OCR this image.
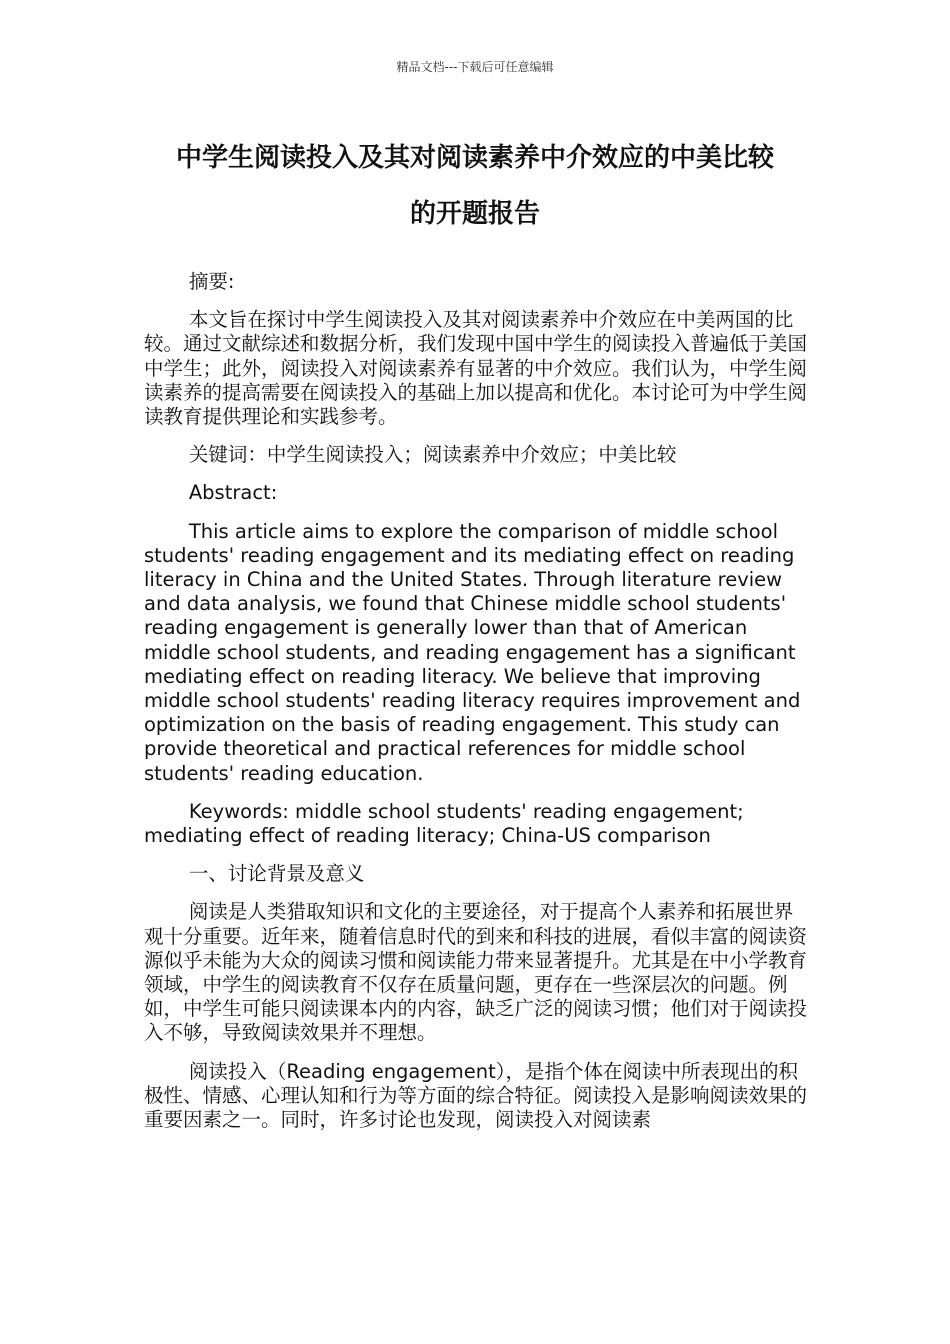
精品文档---下载后可任意编辑
中学生阅读投入及其对阅读素养中介效应的中美比较
的开题报告

摘要:

本文旨在探讨中学生阅读投入及其对阅读素养中介效应在中美两国的比较。通过文献综述和数据分析，我们发现中国中学生的阅读投入普遍低于美国中学生；此外，阅读投入对阅读素养有显著的中介效应。我们认为，中学生阅读素养的提高需要在阅读投入的基础上加以提高和优化。本讨论可为中学生阅读教育提供理论和实践参考。

关键词：中学生阅读投入；阅读素养中介效应；中美比较

Abstract:

This article aims to explore the comparison of middle school students' reading engagement and its mediating effect on reading literacy in China and the United States. Through literature review and data analysis, we found that Chinese middle school students' reading engagement is generally lower than that of American middle school students, and reading engagement has a significant mediating effect on reading literacy. We believe that improving middle school students' reading literacy requires improvement and optimization on the basis of reading engagement. This study can provide theoretical and practical references for middle school students' reading education.

Keywords: middle school students' reading engagement; mediating effect of reading literacy; China-US comparison

一、讨论背景及意义

阅读是人类猎取知识和文化的主要途径，对于提高个人素养和拓展世界观十分重要。近年来，随着信息时代的到来和科技的进展，看似丰富的阅读资源似乎未能为大众的阅读习惯和阅读能力带来显著提升。尤其是在中小学教育领域，中学生的阅读教育不仅存在质量问题，更存在一些深层次的问题。例如，中学生可能只阅读课本内的内容，缺乏广泛的阅读习惯；他们对于阅读投入不够，导致阅读效果并不理想。

阅读投入（Reading engagement），是指个体在阅读中所表现出的积极性、情感、心理认知和行为等方面的综合特征。阅读投入是影响阅读效果的重要因素之一。同时，许多讨论也发现，阅读投入对阅读素
